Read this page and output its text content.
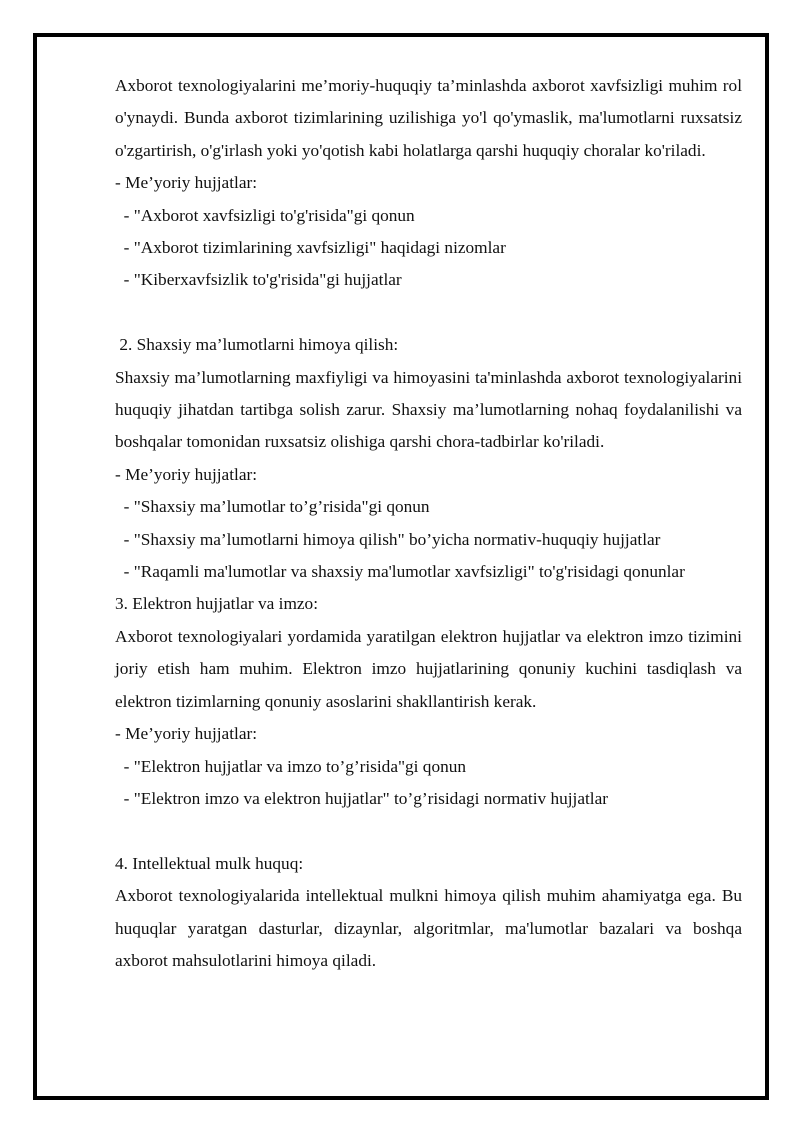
Axborot texnologiyalarini me’moriy-huquqiy ta’minlashda axborot xavfsizligi muhim rol o'ynaydi. Bunda axborot tizimlarining uzilishiga yo'l qo'ymaslik, ma'lumotlarni ruxsatsiz o'zgartirish, o'g'irlash yoki yo'qotish kabi holatlarga qarshi huquqiy choralar ko'riladi.

- Me’yoriy hujjatlar:

- "Axborot xavfsizligi to'g'risida"gi qonun

- "Axborot tizimlarining xavfsizligi" haqidagi nizomlar

- "Kiberxavfsizlik to'g'risida"gi hujjatlar

2. Shaxsiy ma’lumotlarni himoya qilish:

Shaxsiy ma’lumotlarning maxfiyligi va himoyasini ta'minlashda axborot texnologiyalarini huquqiy jihatdan tartibga solish zarur. Shaxsiy ma’lumotlarning nohaq foydalanilishi va boshqalar tomonidan ruxsatsiz olishiga qarshi chora-tadbirlar ko'riladi.

- Me’yoriy hujjatlar:

- "Shaxsiy ma’lumotlar to’g’risida"gi qonun

- "Shaxsiy ma’lumotlarni himoya qilish" bo’yicha normativ-huquqiy hujjatlar

- "Raqamli ma'lumotlar va shaxsiy ma'lumotlar xavfsizligi" to'g'risidagi qonunlar

3. Elektron hujjatlar va imzo:

Axborot texnologiyalari yordamida yaratilgan elektron hujjatlar va elektron imzo tizimini joriy etish ham muhim. Elektron imzo hujjatlarining qonuniy kuchini tasdiqlash va elektron tizimlarning qonuniy asoslarini shakllantirish kerak.

- Me’yoriy hujjatlar:

- "Elektron hujjatlar va imzo to’g’risida"gi qonun

- "Elektron imzo va elektron hujjatlar" to’g’risidagi normativ hujjatlar

4. Intellektual mulk huquq:

Axborot texnologiyalarida intellektual mulkni himoya qilish muhim ahamiyatga ega. Bu huquqlar yaratgan dasturlar, dizaynlar, algoritmlar, ma'lumotlar bazalari va boshqa axborot mahsulotlarini himoya qiladi.
